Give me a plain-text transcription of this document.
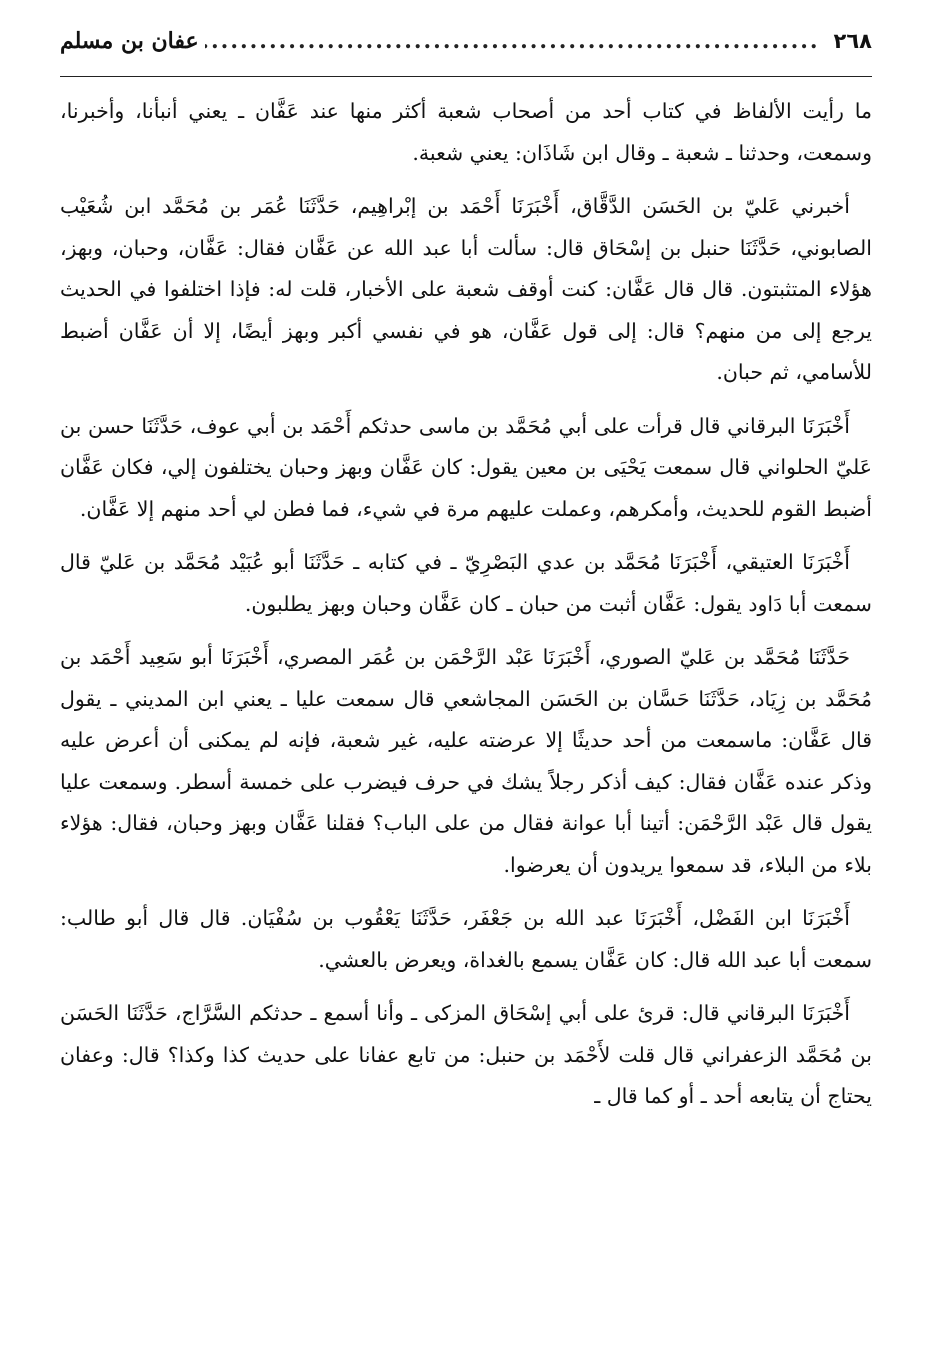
٢٦٨
.....
عفان بن مسلم

ما رأيت الألفاظ في كتاب أحد من أصحاب شعبة أكثر منها عند عَفَّان ـ يعني أنبأنا، وأخبرنا، وسمعت، وحدثنا ـ شعبة ـ وقال ابن شَاذَان: يعني شعبة.

أخبرني عَليّ بن الحَسَن الدَّقَّاق، أَخْبَرَنَا أَحْمَد بن إبْراهِيم، حَدَّثَنَا عُمَر بن مُحَمَّد ابن شُعَيْب الصابوني، حَدَّثَنَا حنبل بن إسْحَاق قال: سألت أبا عبد الله عن عَفَّان فقال: عَفَّان، وحبان، وبهز، هؤلاء المتثبتون. قال قال عَفَّان: كنت أوقف شعبة على الأخبار، قلت له: فإذا اختلفوا في الحديث يرجع إلى من منهم؟ قال: إلى قول عَفَّان، هو في نفسي أكبر وبهز أيضًا، إلا أن عَفَّان أضبط للأسامي، ثم حبان.

أَخْبَرَنَا البرقاني قال قرأت على أبي مُحَمَّد بن ماسى حدثكم أَحْمَد بن أبي عوف، حَدَّثَنَا حسن بن عَليّ الحلواني قال سمعت يَحْيَى بن معين يقول: كان عَفَّان وبهز وحبان يختلفون إلي، فكان عَفَّان أضبط القوم للحديث، وأمكرهم، وعملت عليهم مرة في شيء، فما فطن لي أحد منهم إلا عَفَّان.

أَخْبَرَنَا العتيقي، أَخْبَرَنَا مُحَمَّد بن عدي البَصْرِيّ ـ في كتابه ـ حَدَّثَنَا أبو عُبَيْد مُحَمَّد بن عَليّ قال سمعت أبا دَاود يقول: عَفَّان أثبت من حبان ـ كان عَفَّان وحبان وبهز يطلبون.

حَدَّثَنَا مُحَمَّد بن عَليّ الصوري، أَخْبَرَنَا عَبْد الرَّحْمَن بن عُمَر المصري، أَخْبَرَنَا أبو سَعِيد أَحْمَد بن مُحَمَّد بن زِيَاد، حَدَّثَنَا حَسَّان بن الحَسَن المجاشعي قال سمعت عليا ـ يعني ابن المديني ـ يقول قال عَفَّان: ماسمعت من أحد حديثًا إلا عرضته عليه، غير شعبة، فإنه لم يمكنى أن أعرض عليه وذكر عنده عَفَّان فقال: كيف أذكر رجلاً يشك في حرف فيضرب على خمسة أسطر. وسمعت عليا يقول قال عَبْد الرَّحْمَن: أتينا أبا عوانة فقال من على الباب؟ فقلنا عَفَّان وبهز وحبان، فقال: هؤلاء بلاء من البلاء، قد سمعوا يريدون أن يعرضوا.

أَخْبَرَنَا ابن الفَضْل، أَخْبَرَنَا عبد الله بن جَعْفَر، حَدَّثَنَا يَعْقُوب بن سُفْيَان. قال قال أبو طالب: سمعت أبا عبد الله قال: كان عَفَّان يسمع بالغداة، ويعرض بالعشي.

أَخْبَرَنَا البرقاني قال: قرئ على أبي إسْحَاق المزكى ـ وأنا أسمع ـ حدثكم السَّرَّاج، حَدَّثَنَا الحَسَن بن مُحَمَّد الزعفراني قال قلت لأَحْمَد بن حنبل: من تابع عفانا على حديث كذا وكذا؟ قال: وعفان يحتاج أن يتابعه أحد ـ أو كما قال ـ
